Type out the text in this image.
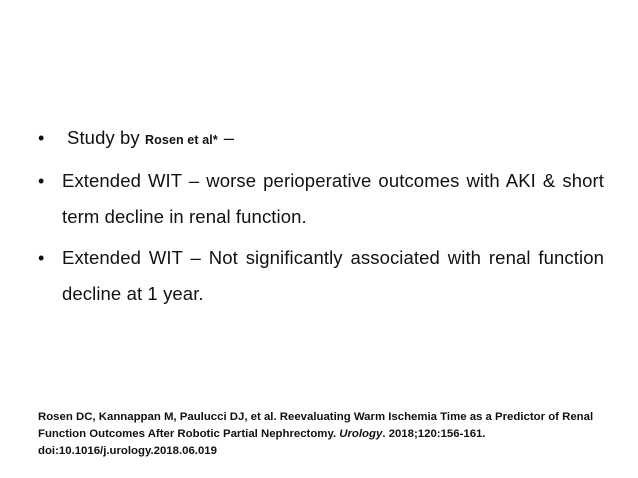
• Study by Rosen et al* –
• Extended WIT – worse perioperative outcomes with AKI & short term decline in renal function.
• Extended WIT – Not significantly associated with renal function decline at 1 year.
Rosen DC, Kannappan M, Paulucci DJ, et al. Reevaluating Warm Ischemia Time as a Predictor of Renal Function Outcomes After Robotic Partial Nephrectomy. Urology. 2018;120:156-161. doi:10.1016/j.urology.2018.06.019
